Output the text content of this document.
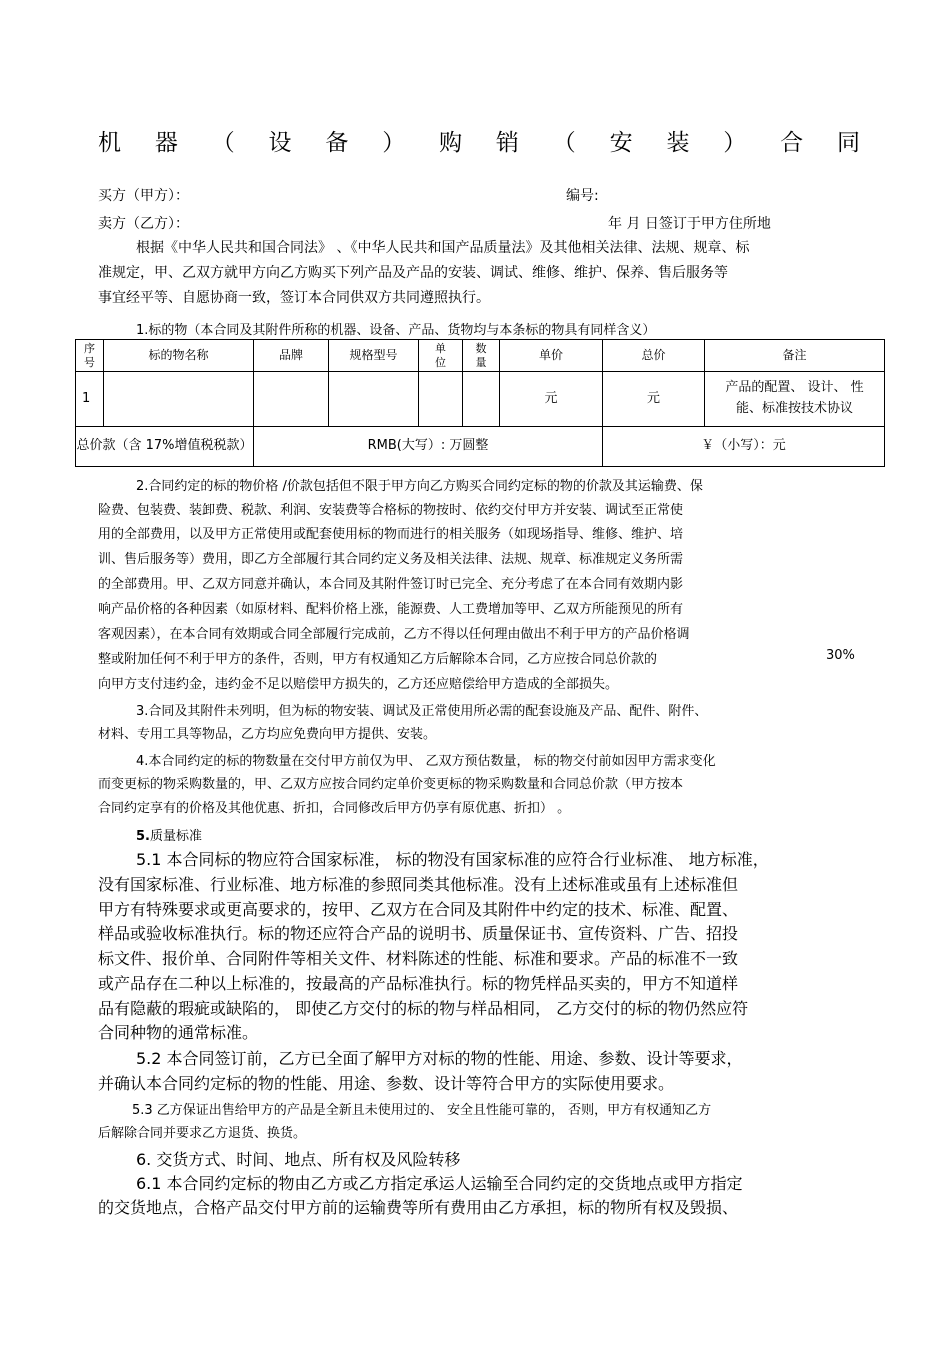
机 器 （ 设 备 ） 购 销 （ 安 装 ） 合 同
买方（甲方）：	编号:
卖方（乙方）：	年 月 日签订于甲方住所地
根据《中华人民共和国合同法》 、《中华人民共和国产品质量法》及其他相关法律、法规、规章、标
准规定，甲、乙双方就甲方向乙方购买下列产品及产品的安装、调试、维修、维护、保养、售后服务等
事宜经平等、自愿协商一致，签订本合同供双方共同遵照执行。
1.标的物（本合同及其附件所称的机器、设备、产品、货物均与本条标的物具有同样含义）
序号	标的物名称	品牌	规格型号	单位	数量	单价	总价	备注
1						元	元	产品的配置、 设计、 性能、标准按技术协议

总价款（含 17%增值税税款）		RMB(大写）: 万圆整					￥（小写）：元	
2.合同约定的标的物价格 /价款包括但不限于甲方向乙方购买合同约定标的物的价款及其运输费、保
险费、包装费、装卸费、税款、利润、安装费等合格标的物按时、依约交付甲方并安装、调试至正常使
用的全部费用，以及甲方正常使用或配套使用标的物而进行的相关服务（如现场指导、维修、维护、培
训、售后服务等）费用，即乙方全部履行其合同约定义务及相关法律、法规、规章、标准规定义务所需
的全部费用。甲、乙双方同意并确认，本合同及其附件签订时已完全、充分考虑了在本合同有效期内影
响产品价格的各种因素（如原材料、配料价格上涨，能源费、人工费增加等甲、乙双方所能预见的所有
客观因素），在本合同有效期或合同全部履行完成前，乙方不得以任何理由做出不利于甲方的产品价格调
整或附加任何不利于甲方的条件，否则，甲方有权通知乙方后解除本合同，乙方应按合同总价款的	30%
向甲方支付违约金，违约金不足以赔偿甲方损失的，乙方还应赔偿给甲方造成的全部损失。
3.合同及其附件未列明，但为标的物安装、调试及正常使用所必需的配套设施及产品、配件、附件、
材料、专用工具等物品，乙方均应免费向甲方提供、安装。
4.本合同约定的标的物数量在交付甲方前仅为甲、 乙双方预估数量， 标的物交付前如因甲方需求变化
而变更标的物采购数量的，甲、乙双方应按合同约定单价变更标的物采购数量和合同总价款（甲方按本
合同约定享有的价格及其他优惠、折扣，合同修改后甲方仍享有原优惠、折扣） 。
5.质量标准
5.1 本合同标的物应符合国家标准， 标的物没有国家标准的应符合行业标准、 地方标准，
没有国家标准、行业标准、地方标准的参照同类其他标准。没有上述标准或虽有上述标准但
甲方有特殊要求或更高要求的，按甲、乙双方在合同及其附件中约定的技术、标准、配置、
样品或验收标准执行。标的物还应符合产品的说明书、质量保证书、宣传资料、广告、招投
标文件、报价单、合同附件等相关文件、材料陈述的性能、标准和要求。产品的标准不一致
或产品存在二种以上标准的，按最高的产品标准执行。标的物凭样品买卖的，甲方不知道样
品有隐蔽的瑕疵或缺陷的， 即使乙方交付的标的物与样品相同， 乙方交付的标的物仍然应符
合同种物的通常标准。
5.2 本合同签订前，乙方已全面了解甲方对标的物的性能、用途、参数、设计等要求，
并确认本合同约定标的物的性能、用途、参数、设计等符合甲方的实际使用要求。
5.3 乙方保证出售给甲方的产品是全新且未使用过的、 安全且性能可靠的， 否则，甲方有权通知乙方
后解除合同并要求乙方退货、换货。
6. 交货方式、时间、地点、所有权及风险转移
6.1 本合同约定标的物由乙方或乙方指定承运人运输至合同约定的交货地点或甲方指定
的交货地点，合格产品交付甲方前的运输费等所有费用由乙方承担，标的物所有权及毁损、
